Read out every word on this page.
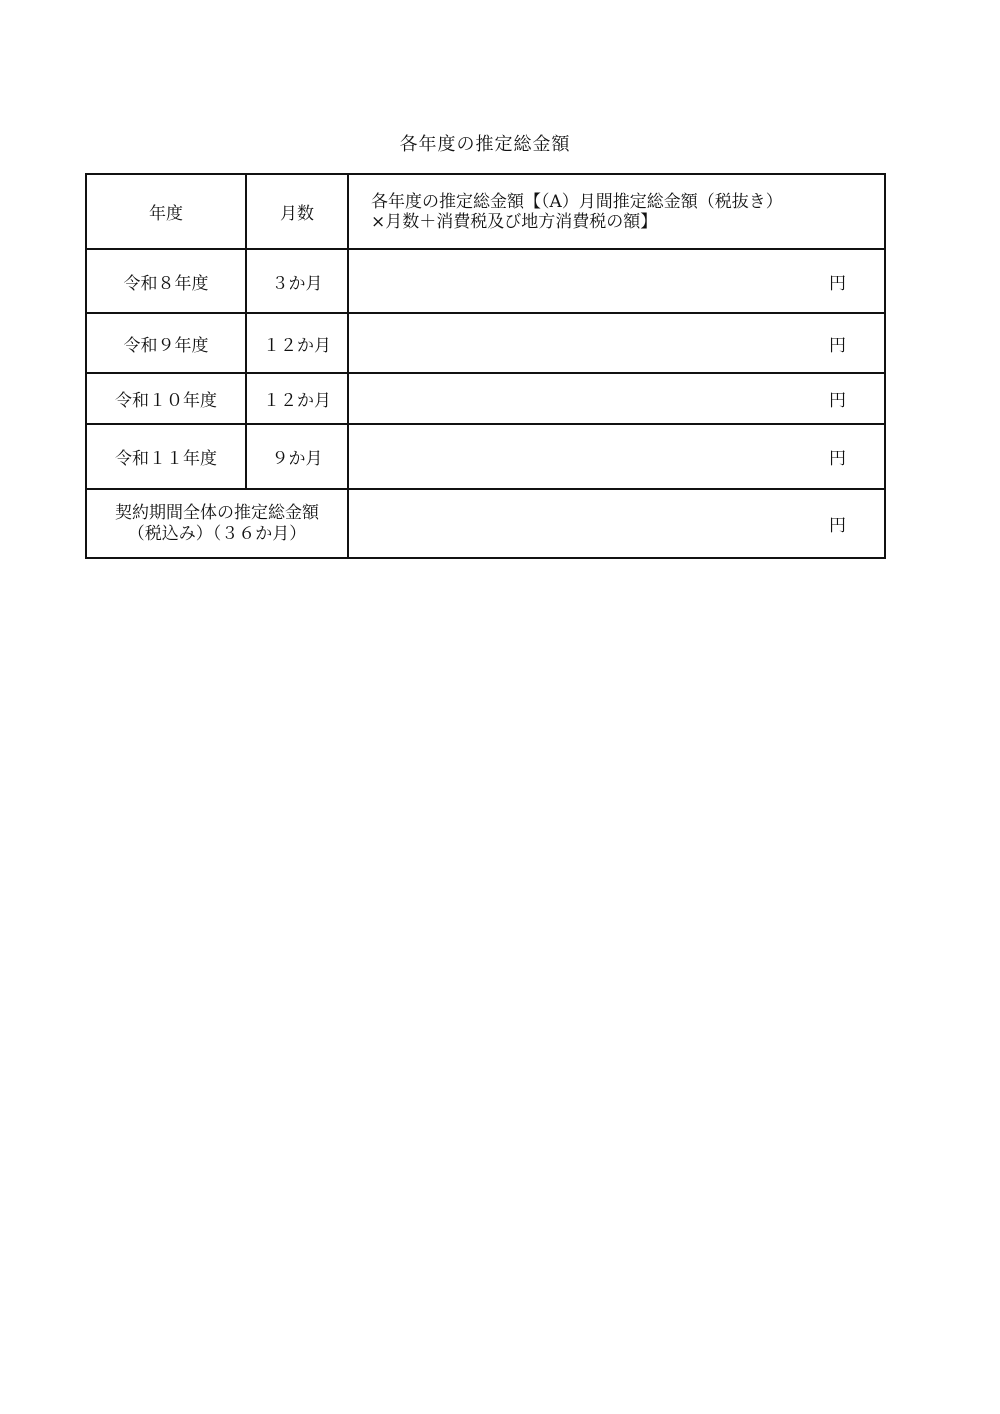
各年度の推定総金額
年度	月数	各年度の推定総金額【（A）月間推定総金額（税抜き）
×月数＋消費税及び地方消費税の額】

令和８年度	３か月	円
令和９年度	１２か月	円
令和１０年度	１２か月	円
令和１１年度	９か月	円

契約期間全体の推定総金額
（税込み）（３６か月）		円
